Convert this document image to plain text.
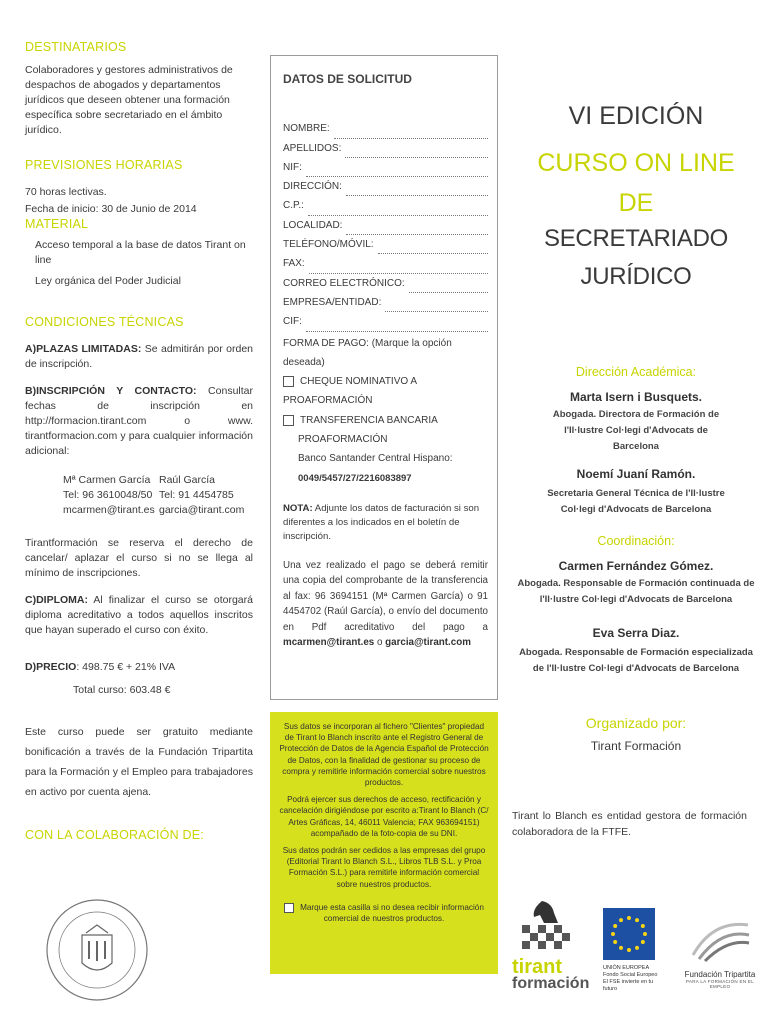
DESTINATARIOS

Colaboradores y gestores administrativos de despachos de abogados y departamentos jurídicos que deseen obtener una formación específica sobre secretariado en el ámbito jurídico.

PREVISIONES HORARIAS

70 horas lectivas.

Fecha de inicio: 30 de Junio de 2014

MATERIAL

Acceso temporal a la base de datos Tirant on line

Ley orgánica del Poder Judicial

CONDICIONES TÉCNICAS

A)PLAZAS LIMITADAS: Se admitirán por orden de inscripción.

B)INSCRIPCIÓN Y CONTACTO: Consultar fechas de inscripción en http://formacion.tirant.com o www. tirantformacion.com y para cualquier información adicional:

Mª Carmen García
Tel: 96 3610048/50
mcarmen@tirant.es
Raúl García
Tel: 91 4454785
garcia@tirant.com

Tirantformación se reserva el derecho de cancelar/ aplazar el curso si no se llega al mínimo de inscripciones.

C)DIPLOMA: Al finalizar el curso se otorgará diploma acreditativo a todos aquellos inscritos que hayan superado el curso con éxito.

D)PRECIO: 498.75 € + 21% IVA

Total curso: 603.48 €

Este curso puede ser gratuito mediante bonificación a través de la Fundación Tripartita para la Formación y el Empleo para trabajadores en activo por cuenta ajena.

CON LA COLABORACIÓN DE:
DATOS DE SOLICITUD
NOMBRE:
APELLIDOS:
NIF:
DIRECCIÓN:
C.P.:
LOCALIDAD:
TELÉFONO/MÓVIL:
FAX:
CORREO ELECTRÓNICO:
EMPRESA/ENTIDAD:
CIF:
FORMA DE PAGO: (Marque la opción deseada)
CHEQUE NOMINATIVO A PROAFORMACIÓN
TRANSFERENCIA BANCARIA
PROAFORMACIÓN
Banco Santander Central Hispano:
0049/5457/27/2216083897
NOTA: Adjunte los datos de facturación si son diferentes a los indicados en el boletín de inscripción.
Una vez realizado el pago se deberá remitir una copia del comprobante de la transferencia al fax: 96 3694151 (Mª Carmen García) o 91 4454702 (Raúl García), o envío del documento en Pdf acreditativo del pago a mcarmen@tirant.es o garcia@tirant.com

Sus datos se incorporan al fichero "Clientes" propiedad de Tirant lo Blanch inscrito ante el Registro General de Protección de Datos de la Agencia Español de Protección de Datos, con la finalidad de gestionar su proceso de compra y remitirle información comercial sobre nuestros productos.

Podrá ejercer sus derechos de acceso, rectificación y cancelación dirigiéndose por escrito a:Tirant lo Blanch (C/ Artes Gráficas, 14, 46011 Valencia; FAX 963694151) acompañado de la foto-copia de su DNI.

Sus datos podrán ser cedidos a las empresas del grupo (Editorial Tirant lo Blanch S.L., Libros TLB S.L. y Proa Formación S.L.) para remitirle información comercial sobre nuestros productos.

Marque esta casilla si no desea recibir información comercial de nuestros productos.

VI EDICIÓN
CURSO ON LINE
DE
SECRETARIADO JURÍDICO
Dirección Académica:
Marta Isern i Busquets.
Abogada. Directora de Formación de l'Il·lustre Col·legi d'Advocats de Barcelona
Noemí Juaní Ramón.
Secretaria General Técnica de l'Il·lustre Col·legi d'Advocats de Barcelona
Coordinación:
Carmen Fernández Gómez.
Abogada. Responsable de Formación continuada de l'Il·lustre Col·legi d'Advocats de Barcelona
Eva Serra Diaz.
Abogada. Responsable de Formación especializada de l'Il·lustre Col·legi d'Advocats de Barcelona
Organizado por:
Tirant Formación
Tirant lo Blanch es entidad gestora de formación colaboradora de la FTFE.
tirant
formación
UNIÓN EUROPEA
Fondo Social Europeo
El FSE invierte en tu futuro
Fundación Tripartita
PARA LA FORMACIÓN EN EL EMPLEO
